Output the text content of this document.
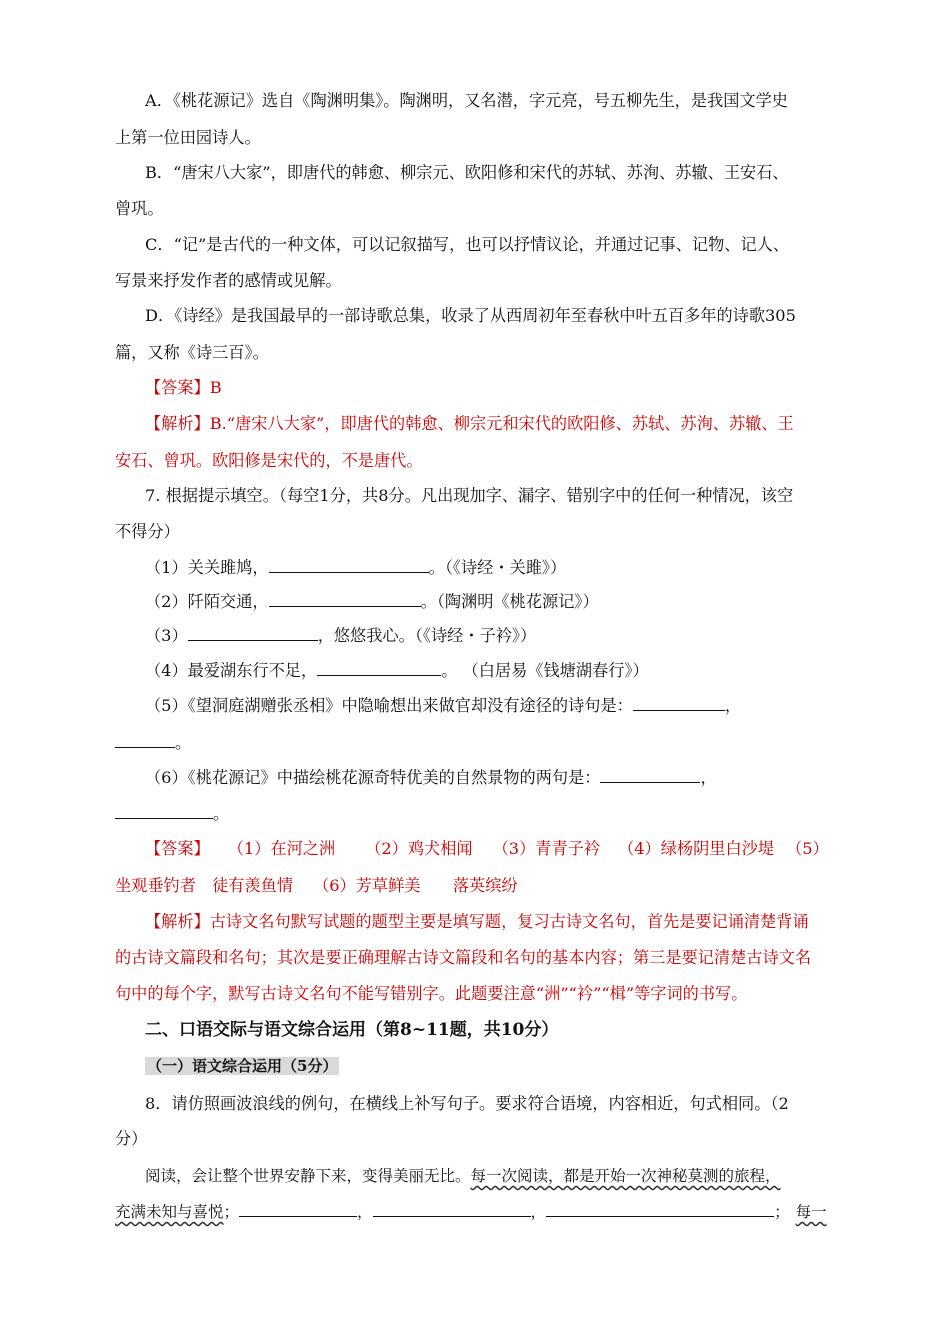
A．《桃花源记》选自《陶渊明集》。陶渊明，又名潜，字元亮，号五柳先生，是我国文学史
上第一位田园诗人。
B．“唐宋八大家”，即唐代的韩愈、柳宗元、欧阳修和宋代的苏轼、苏洵、苏辙、王安石、
曾巩。
C．“记”是古代的一种文体，可以记叙描写，也可以抒情议论，并通过记事、记物、记人、
写景来抒发作者的感情或见解。
D．《诗经》是我国最早的一部诗歌总集，收录了从西周初年至春秋中叶五百多年的诗歌305
篇，又称《诗三百》。
【答案】B
【解析】B.“唐宋八大家”，即唐代的韩愈、柳宗元和宋代的欧阳修、苏轼、苏洵、苏辙、王
安石、曾巩。欧阳修是宋代的，不是唐代。
7. 根据提示填空。（每空1分，共8分。凡出现加字、漏字、错别字中的任何一种情况，该空
不得分）
（1）关关雎鸠，	。（《诗经・关雎》）
（2）阡陌交通，	。（陶渊明《桃花源记》）
（3）	，悠悠我心。（《诗经・子衿》）
（4）最爱湖东行不足，	。 （白居易《钱塘湖春行》）
（5）《望洞庭湖赠张丞相》中隐喻想出来做官却没有途径的诗句是：	，
。
（6）《桃花源记》中描绘桃花源奇特优美的自然景物的两句是：	，
。
【答案】 （1）在河之洲 （2）鸡犬相闻 （3）青青子衿 （4）绿杨阴里白沙堤 （5）
坐观垂钓者　徒有羡鱼情 （6）芳草鲜美　　落英缤纷
【解析】古诗文名句默写试题的题型主要是填写题，复习古诗文名句，首先是要记诵清楚背诵
的古诗文篇段和名句；其次是要正确理解古诗文篇段和名句的基本内容；第三是要记清楚古诗文名
句中的每个字，默写古诗文名句不能写错别字。此题要注意“洲”“衿”“楫”等字词的书写。
二、口语交际与语文综合运用（第8~11题，共10分）
（一）语文综合运用（5分）
8．请仿照画波浪线的例句，在横线上补写句子。要求符合语境，内容相近，句式相同。（2
分）
阅读，会让整个世界安静下来，变得美丽无比。每一次阅读，都是开始一次神秘莫测的旅程，
充满未知与喜悦；	，	，	； 每一
